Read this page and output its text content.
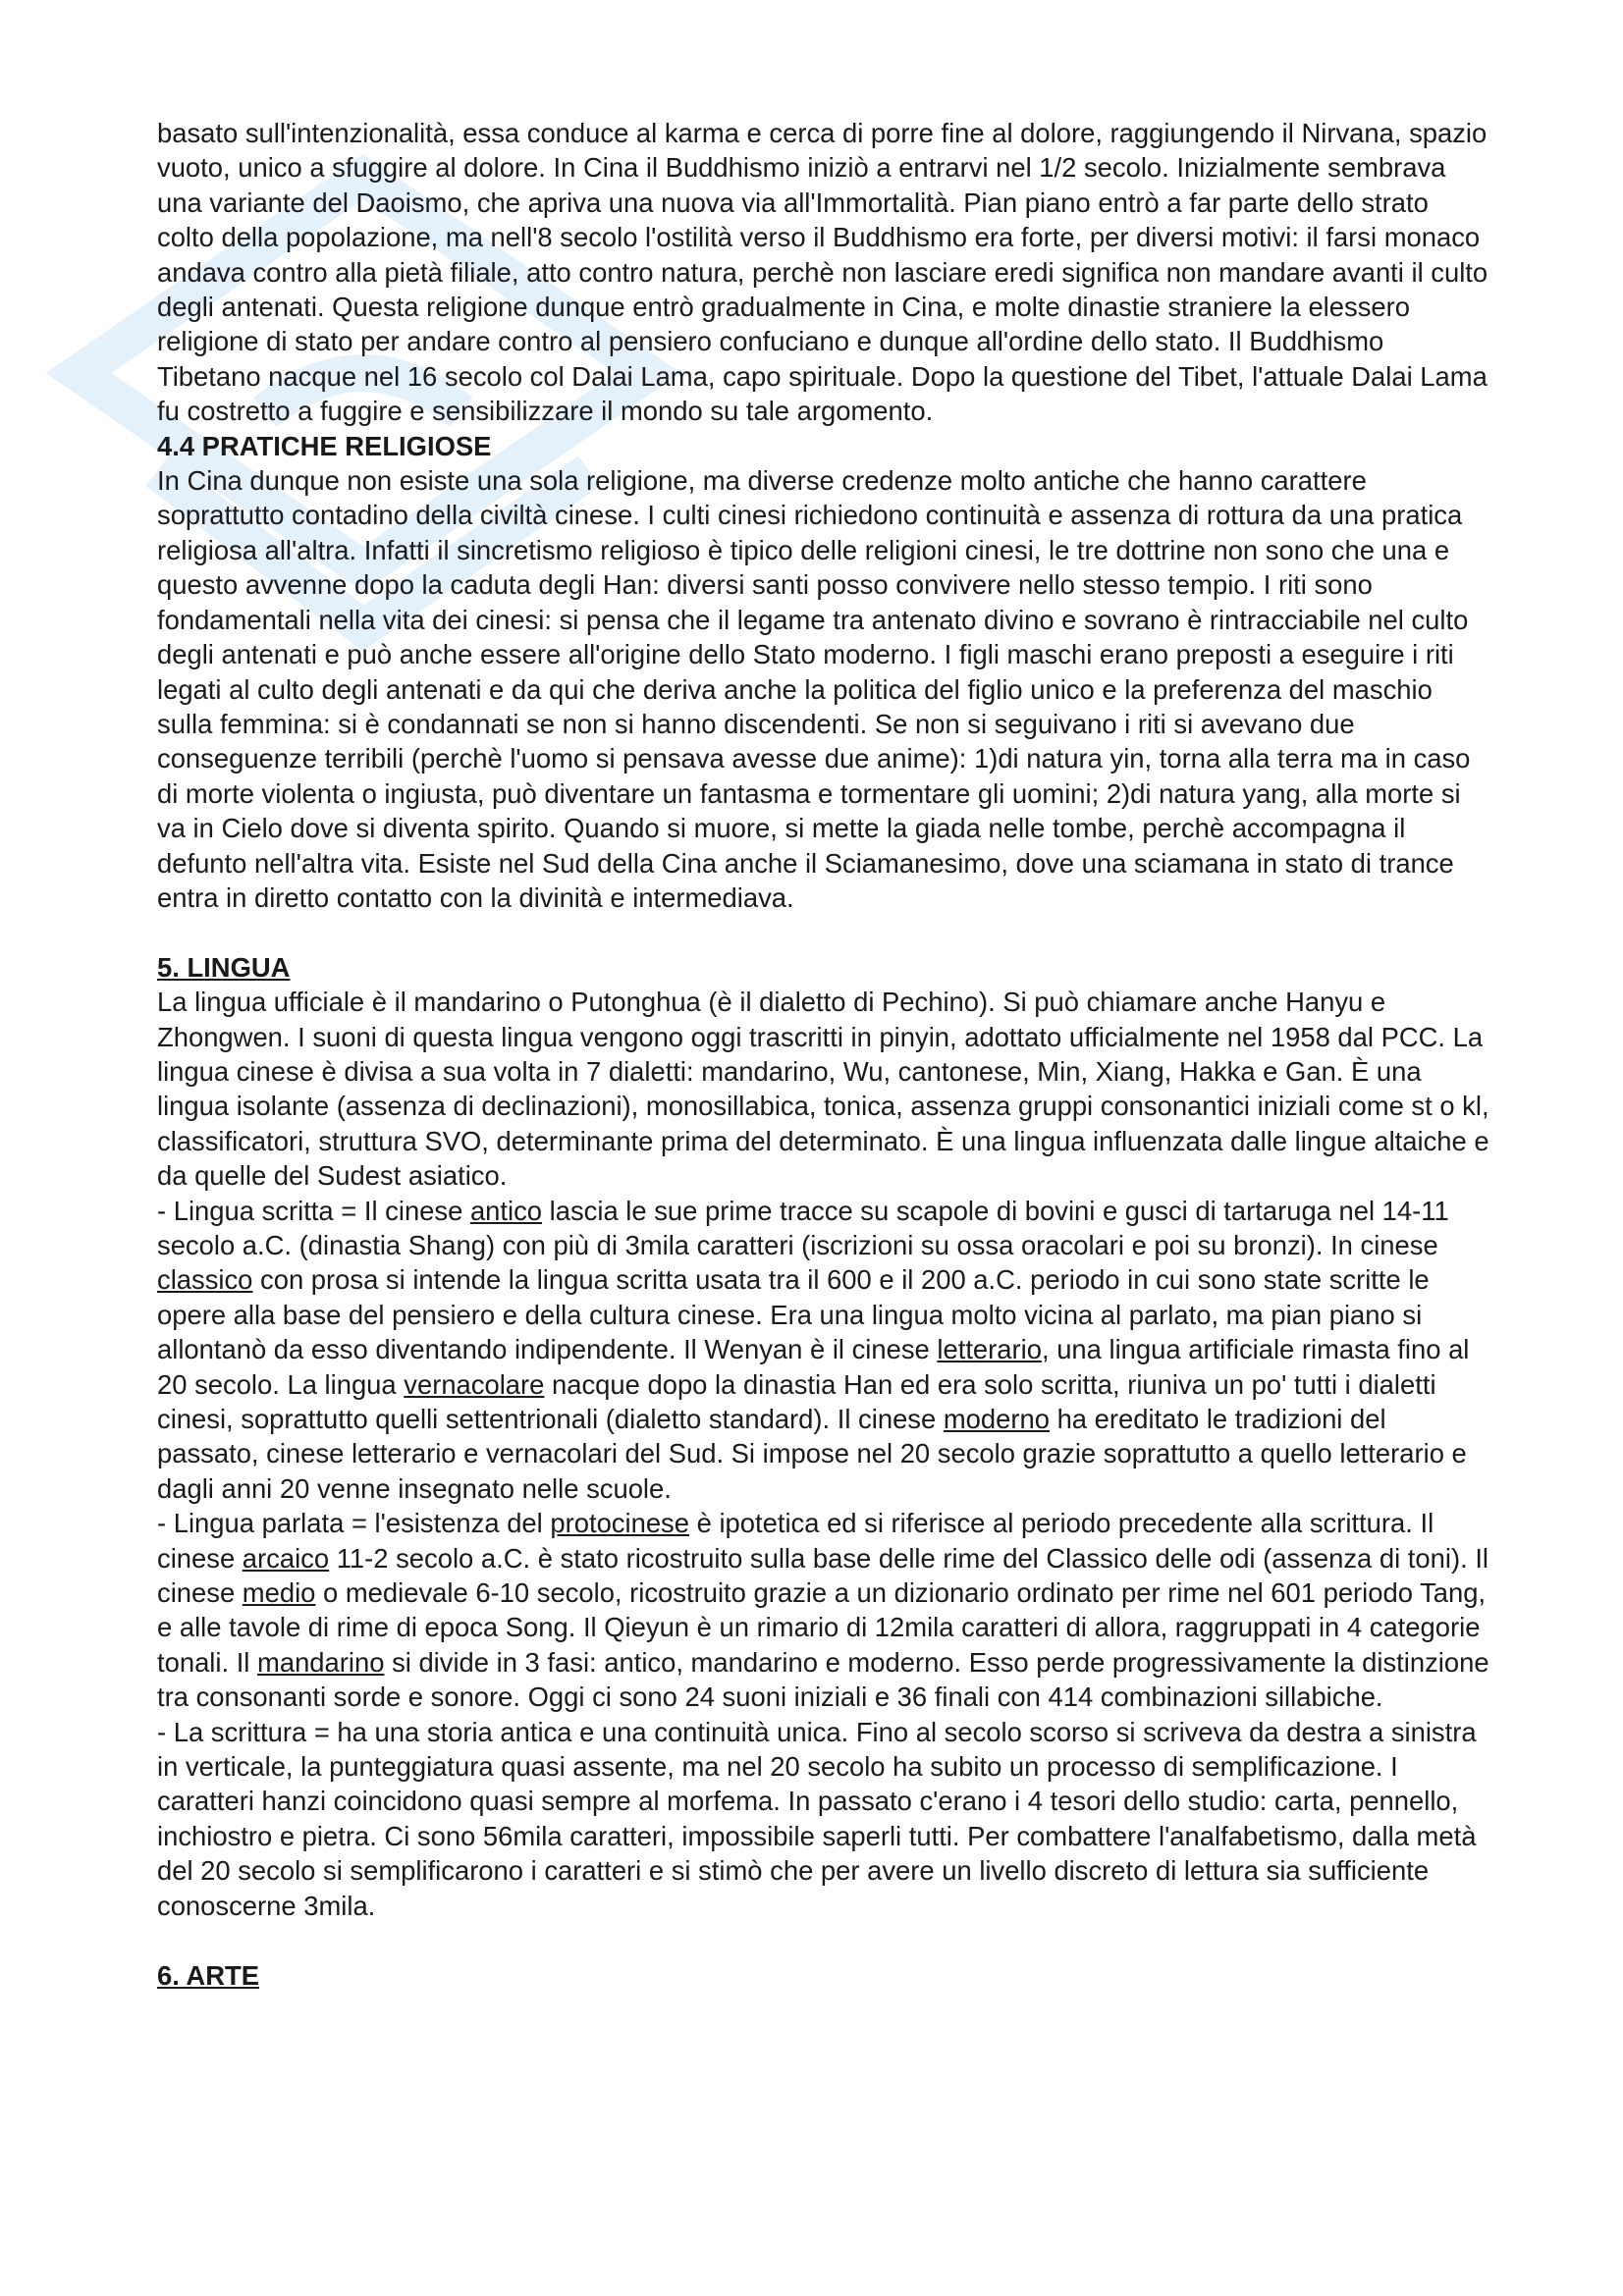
basato sull'intenzionalità, essa conduce al karma e cerca di porre fine al dolore, raggiungendo il Nirvana, spazio vuoto, unico a sfuggire al dolore. In Cina il Buddhismo iniziò a entrarvi nel 1/2 secolo. Inizialmente sembrava una variante del Daoismo, che apriva una nuova via all'Immortalità. Pian piano entrò a far parte dello strato colto della popolazione, ma nell'8 secolo l'ostilità verso il Buddhismo era forte, per diversi motivi: il farsi monaco andava contro alla pietà filiale, atto contro natura, perchè non lasciare eredi significa non mandare avanti il culto degli antenati. Questa religione dunque entrò gradualmente in Cina, e molte dinastie straniere la elessero religione di stato per andare contro al pensiero confuciano e dunque all'ordine dello stato. Il Buddhismo Tibetano nacque nel 16 secolo col Dalai Lama, capo spirituale. Dopo la questione del Tibet, l'attuale Dalai Lama fu costretto a fuggire e sensibilizzare il mondo su tale argomento.

4.4 PRATICHE RELIGIOSE

In Cina dunque non esiste una sola religione, ma diverse credenze molto antiche che hanno carattere soprattutto contadino della civiltà cinese. I culti cinesi richiedono continuità e assenza di rottura da una pratica religiosa all'altra. Infatti il sincretismo religioso è tipico delle religioni cinesi, le tre dottrine non sono che una e questo avvenne dopo la caduta degli Han: diversi santi posso convivere nello stesso tempio. I riti sono fondamentali nella vita dei cinesi: si pensa che il legame tra antenato divino e sovrano è rintracciabile nel culto degli antenati e può anche essere all'origine dello Stato moderno. I figli maschi erano preposti a eseguire i riti legati al culto degli antenati e da qui che deriva anche la politica del figlio unico e la preferenza del maschio sulla femmina: si è condannati se non si hanno discendenti. Se non si seguivano i riti si avevano due conseguenze terribili (perchè l'uomo si pensava avesse due anime): 1)di natura yin, torna alla terra ma in caso di morte violenta o ingiusta, può diventare un fantasma e tormentare gli uomini; 2)di natura yang, alla morte si va in Cielo dove si diventa spirito. Quando si muore, si mette la giada nelle tombe, perchè accompagna il defunto nell'altra vita. Esiste nel Sud della Cina anche il Sciamanesimo, dove una sciamana in stato di trance entra in diretto contatto con la divinità e intermediava.

5. LINGUA

La lingua ufficiale è il mandarino o Putonghua (è il dialetto di Pechino). Si può chiamare anche Hanyu e Zhongwen. I suoni di questa lingua vengono oggi trascritti in pinyin, adottato ufficialmente nel 1958 dal PCC. La lingua cinese è divisa a sua volta in 7 dialetti: mandarino, Wu, cantonese, Min, Xiang, Hakka e Gan. È una lingua isolante (assenza di declinazioni), monosillabica, tonica, assenza gruppi consonantici iniziali come st o kl, classificatori, struttura SVO, determinante prima del determinato. È una lingua influenzata dalle lingue altaiche e da quelle del Sudest asiatico.

- Lingua scritta = Il cinese antico lascia le sue prime tracce su scapole di bovini e gusci di tartaruga nel 14-11 secolo a.C. (dinastia Shang) con più di 3mila caratteri (iscrizioni su ossa oracolari e poi su bronzi). In cinese classico con prosa si intende la lingua scritta usata tra il 600 e il 200 a.C. periodo in cui sono state scritte le opere alla base del pensiero e della cultura cinese. Era una lingua molto vicina al parlato, ma pian piano si allontanò da esso diventando indipendente. Il Wenyan è il cinese letterario, una lingua artificiale rimasta fino al 20 secolo. La lingua vernacolare nacque dopo la dinastia Han ed era solo scritta, riuniva un po' tutti i dialetti cinesi, soprattutto quelli settentrionali (dialetto standard). Il cinese moderno ha ereditato le tradizioni del passato, cinese letterario e vernacolari del Sud. Si impose nel 20 secolo grazie soprattutto a quello letterario e dagli anni 20 venne insegnato nelle scuole.

- Lingua parlata = l'esistenza del protocinese è ipotetica ed si riferisce al periodo precedente alla scrittura. Il cinese arcaico 11-2 secolo a.C. è stato ricostruito sulla base delle rime del Classico delle odi (assenza di toni). Il cinese medio o medievale 6-10 secolo, ricostruito grazie a un dizionario ordinato per rime nel 601 periodo Tang, e alle tavole di rime di epoca Song. Il Qieyun è un rimario di 12mila caratteri di allora, raggruppati in 4 categorie tonali. Il mandarino si divide in 3 fasi: antico, mandarino e moderno. Esso perde progressivamente la distinzione tra consonanti sorde e sonore. Oggi ci sono 24 suoni iniziali e 36 finali con 414 combinazioni sillabiche.

- La scrittura = ha una storia antica e una continuità unica. Fino al secolo scorso si scriveva da destra a sinistra in verticale, la punteggiatura quasi assente, ma nel 20 secolo ha subito un processo di semplificazione. I caratteri hanzi coincidono quasi sempre al morfema. In passato c'erano i 4 tesori dello studio: carta, pennello, inchiostro e pietra. Ci sono 56mila caratteri, impossibile saperli tutti. Per combattere l'analfabetismo, dalla metà del 20 secolo si semplificarono i caratteri e si stimò che per avere un livello discreto di lettura sia sufficiente conoscerne 3mila.

6. ARTE
